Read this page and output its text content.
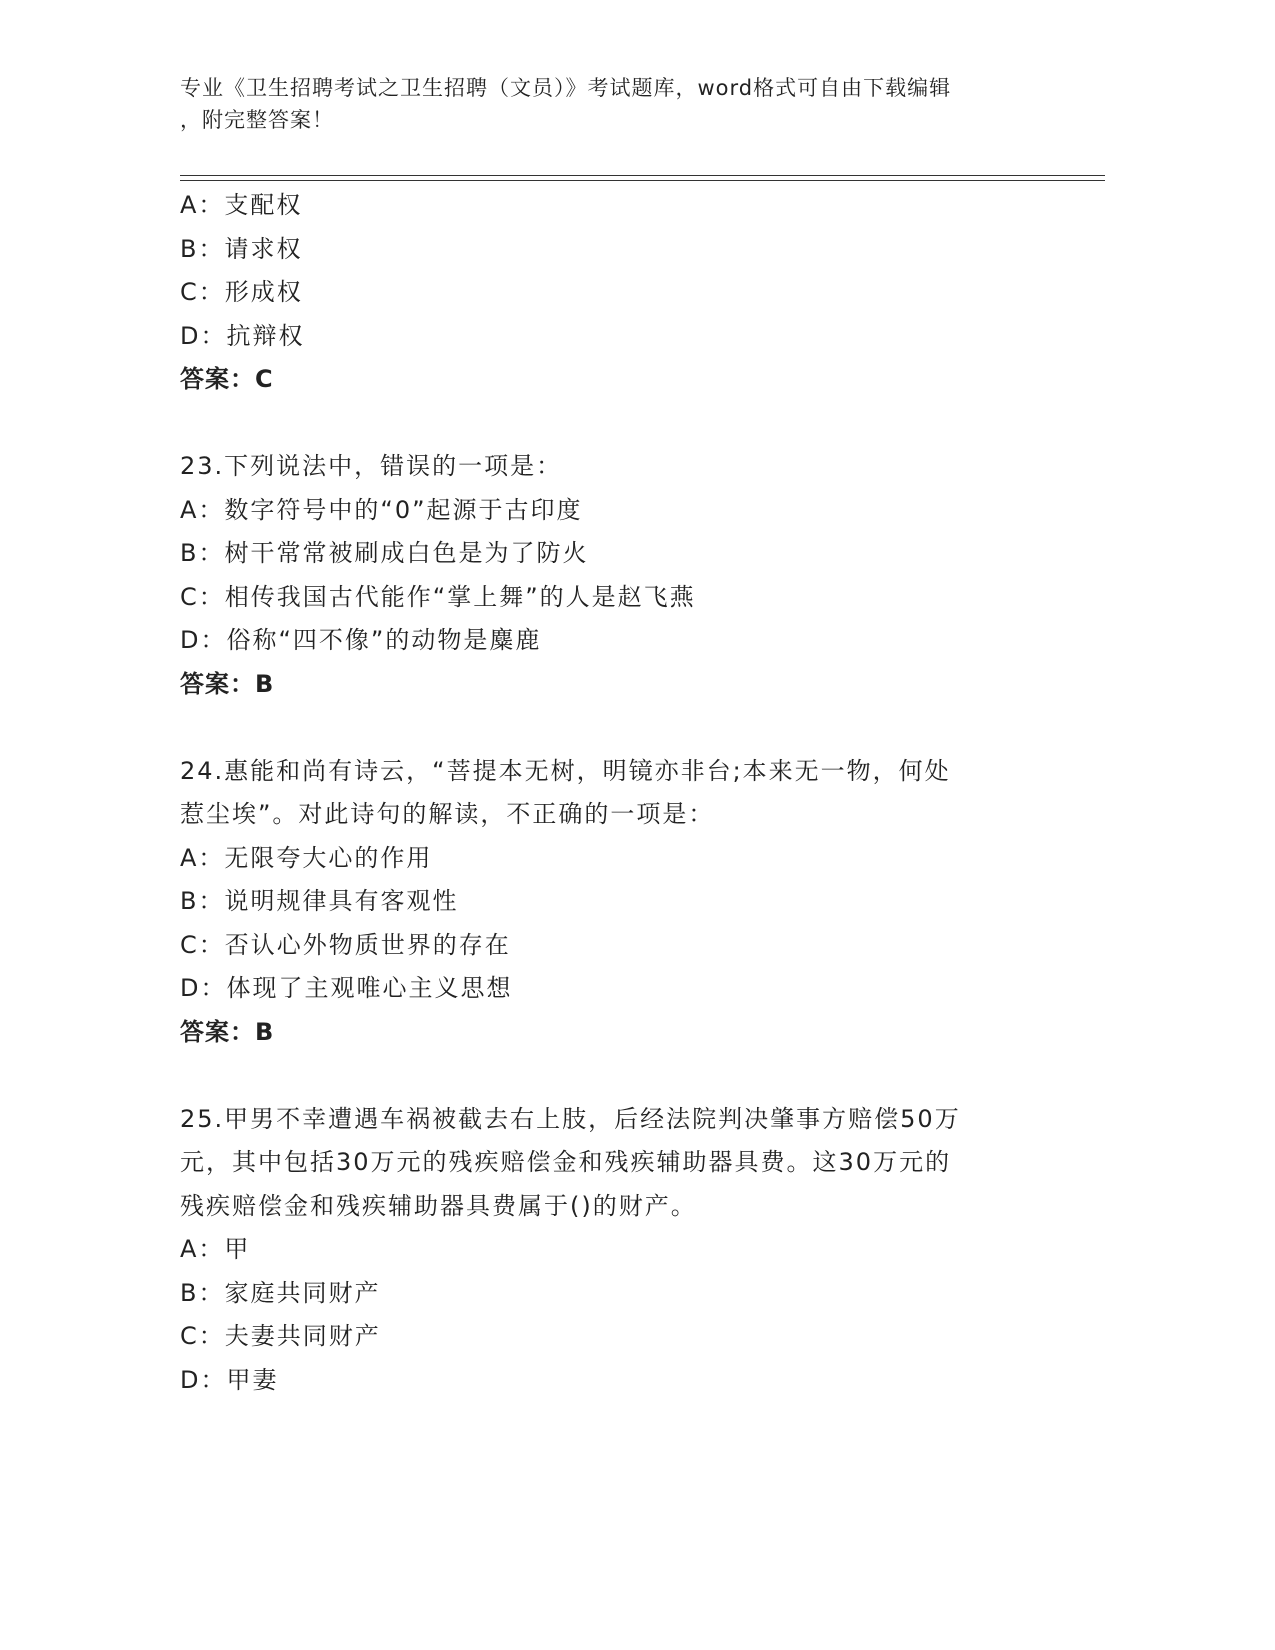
专业《卫生招聘考试之卫生招聘（文员）》考试题库，word格式可自由下载编辑
，附完整答案！
A：支配权
B：请求权
C：形成权
D：抗辩权
答案：C
23.下列说法中，错误的一项是：
A：数字符号中的“0”起源于古印度
B：树干常常被刷成白色是为了防火
C：相传我国古代能作“掌上舞”的人是赵飞燕
D：俗称“四不像”的动物是麋鹿
答案：B
24.惠能和尚有诗云，“菩提本无树，明镜亦非台;本来无一物，何处
惹尘埃”。对此诗句的解读，不正确的一项是：
A：无限夸大心的作用
B：说明规律具有客观性
C：否认心外物质世界的存在
D：体现了主观唯心主义思想
答案：B
25.甲男不幸遭遇车祸被截去右上肢，后经法院判决肇事方赔偿50万
元，其中包括30万元的残疾赔偿金和残疾辅助器具费。这30万元的
残疾赔偿金和残疾辅助器具费属于()的财产。
A：甲
B：家庭共同财产
C：夫妻共同财产
D：甲妻
